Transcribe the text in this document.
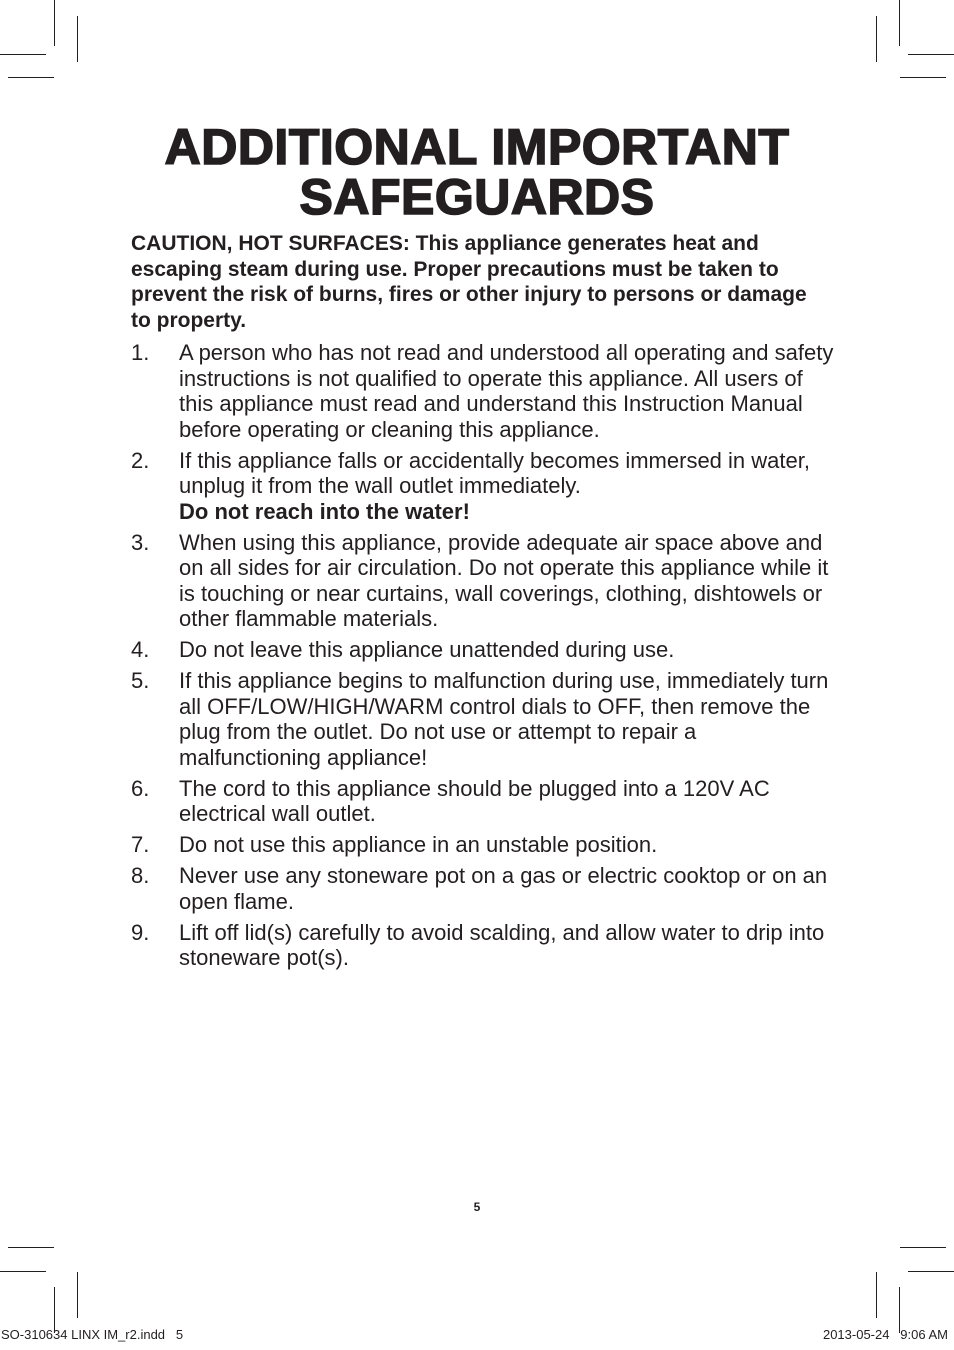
ADDITIONAL IMPORTANT
SAFEGUARDS

CAUTION, HOT SURFACES: This appliance generates heat and escaping steam during use. Proper precautions must be taken to prevent the risk of burns, fires or other injury to persons or damage to property.

1. A person who has not read and understood all operating and safety instructions is not qualified to operate this appliance. All users of this appliance must read and understand this Instruction Manual before operating or cleaning this appliance.
2. If this appliance falls or accidentally becomes immersed in water, unplug it from the wall outlet immediately.
Do not reach into the water!
3. When using this appliance, provide adequate air space above and on all sides for air circulation. Do not operate this appliance while it is touching or near curtains, wall coverings, clothing, dishtowels or other flammable materials.
4. Do not leave this appliance unattended during use.
5. If this appliance begins to malfunction during use, immediately turn all OFF/LOW/HIGH/WARM control dials to OFF, then remove the plug from the outlet. Do not use or attempt to repair a malfunctioning appliance!
6. The cord to this appliance should be plugged into a 120V AC electrical wall outlet.
7. Do not use this appliance in an unstable position.
8. Never use any stoneware pot on a gas or electric cooktop or on an open flame.
9. Lift off lid(s) carefully to avoid scalding, and allow water to drip into stoneware pot(s).
5
SO-310634 LINX IM_r2.indd   5	2013-05-24   9:06 AM
